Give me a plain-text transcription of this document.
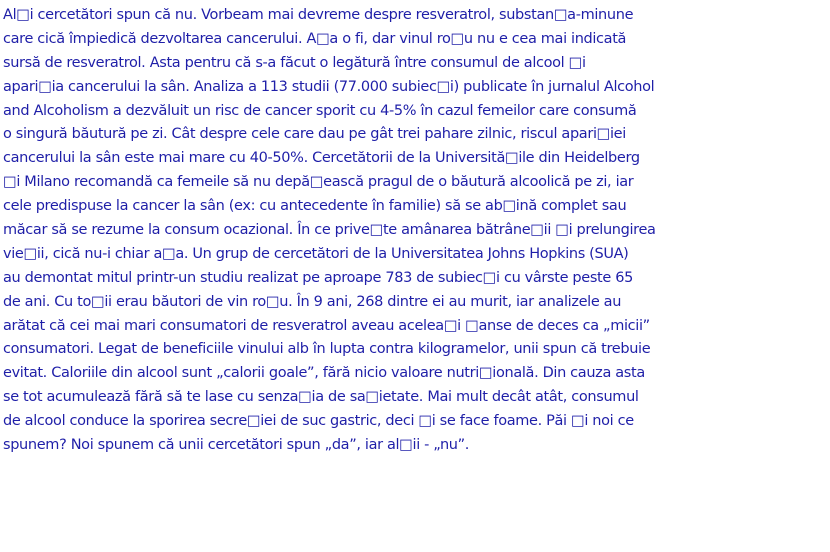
Al□i cercetători spun că nu. Vorbeam mai devreme despre resveratrol, substan□a-minune
care cică împiedică dezvoltarea cancerului. A□a o fi, dar vinul ro□u nu e cea mai indicată
sursă de resveratrol. Asta pentru că s-a făcut o legătură între consumul de alcool □i
apari□ia cancerului la sân. Analiza a 113 studii (77.000 subiec□i) publicate în jurnalul Alcohol
and Alcoholism a dezvăluit un risc de cancer sporit cu 4-5% în cazul femeilor care consumă
o singură băutură pe zi. Cât despre cele care dau pe gât trei pahare zilnic, riscul apari□iei
cancerului la sân este mai mare cu 40-50%. Cercetătorii de la Universită□ile din Heidelberg
□i Milano recomandă ca femeile să nu depă□ească pragul de o băutură alcoolică pe zi, iar
cele predispuse la cancer la sân (ex: cu antecedente în familie) să se ab□ină complet sau
măcar să se rezume la consum ocazional. În ce prive□te amânarea bătrâne□ii □i prelungirea
vie□ii, cică nu-i chiar a□a. Un grup de cercetători de la Universitatea Johns Hopkins (SUA)
au demontat mitul printr-un studiu realizat pe aproape 783 de subiec□i cu vârste peste 65
de ani. Cu to□ii erau băutori de vin ro□u. În 9 ani, 268 dintre ei au murit, iar analizele au
arătat că cei mai mari consumatori de resveratrol aveau acelea□i □anse de deces ca „micii”
consumatori. Legat de beneficiile vinului alb în lupta contra kilogramelor, unii spun că trebuie
evitat. Caloriile din alcool sunt „calorii goale”, fără nicio valoare nutri□ională. Din cauza asta
se tot acumulează fără să te lase cu senza□ia de sa□ietate. Mai mult decât atât, consumul
de alcool conduce la sporirea secre□iei de suc gastric, deci □i se face foame. Păi □i noi ce
spunem? Noi spunem că unii cercetători spun „da”, iar al□ii - „nu”.
